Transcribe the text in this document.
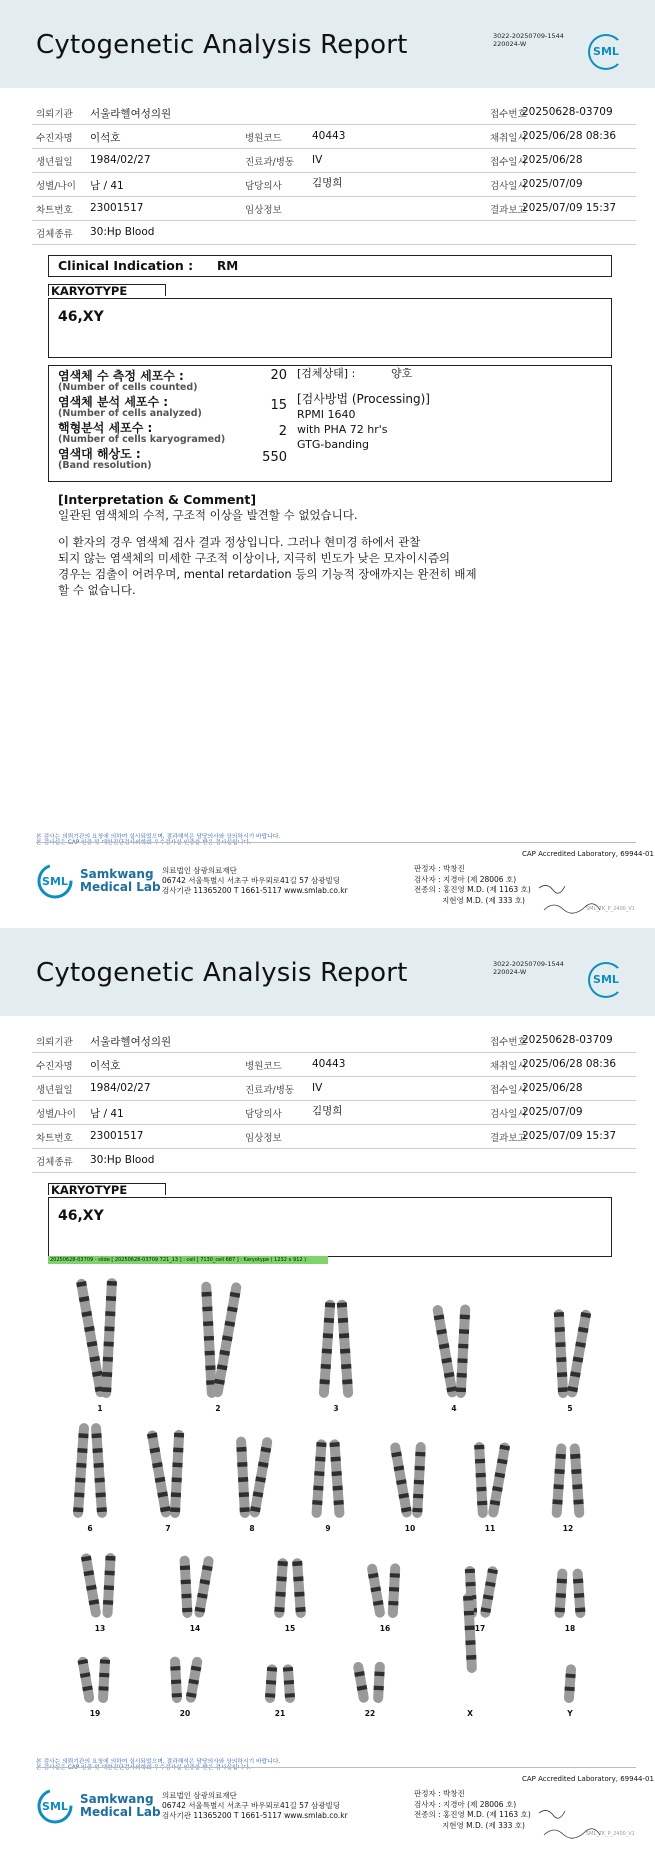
Cytogenetic Analysis Report	3022-20250709-1544
220024-W
SML
의뢰기관 서울라헬여성의원	접수번호
20250628-03709
수진자명 이석호	병원코드	40443	채취일시
2025/06/28 08:36
생년월일 1984/02/27	진료과/병동 IV	접수일시
2025/06/28
성별/나이 남 / 41	담당의사	김명희	검사일시
2025/07/09
차트번호 23001517	임상정보	결과보고
2025/07/09 15:37
검체종류 30:Hp Blood
Clinical Indication : RM
KARYOTYPE
46,XY
염색체 수 측정 세포수 :
(Number of cells counted)
20
염색체 분석 세포수 :
(Number of cells analyzed)
15
핵형분석 세포수 :
(Number of cells karyogramed)
2
염색대 해상도 :
(Band resolution)
550
[검체상태] :	양호
[검사방법 (Processing)]
RPMI 1640
with PHA 72 hr's
GTG-banding
[Interpretation & Comment]
일관된 염색체의 수적, 구조적 이상을 발견할 수 없었습니다.
이 환자의 경우 염색체 검사 결과 정상입니다. 그러나 현미경 하에서 관찰
되지 않는 염색체의 미세한 구조적 이상이나, 지극히 빈도가 낮은 모자이시즘의
경우는 검출이 어려우며, mental retardation 등의 기능적 장애까지는 완전히 배제
할 수 없습니다.
본 검사는 의뢰기관의 요청에 의하여 실시되었으며, 결과해석은 담당의사와 상의하시기 바랍니다.
본 검사실은 CAP 인증 및 대한진단검사의학회 우수검사실 인증을 받은 검사실입니다.
CAP Accredited Laboratory, 69944-01
SML
Samkwang
Medical Lab
의료법인 삼광의료재단
06742 서울특별시 서초구 바우뫼로41길 57 삼광빌딩
검사기관 11365200 T 1661-5117 www.smlab.co.kr
판정자 : 박창진
검사자 : 지경아 (제 28006 호)
전종의 : 홍진영 M.D. (제 1163 호)
지현영 M.D. (제 333 호)
SML_TK_P_2400_V1
Cytogenetic Analysis Report	3022-20250709-1544
220024-W
SML
의뢰기관 서울라헬여성의원	접수번호
20250628-03709
수진자명 이석호	병원코드	40443	채취일시
2025/06/28 08:36
생년월일 1984/02/27	진료과/병동 IV	접수일시
2025/06/28
성별/나이 남 / 41	담당의사	김명희	검사일시
2025/07/09
차트번호 23001517	임상정보	결과보고
2025/07/09 15:37
검체종류 30:Hp Blood
KARYOTYPE
46,XY
본 검사는 의뢰기관의 요청에 의하여 실시되었으며, 결과해석은 담당의사와 상의하시기 바랍니다.
본 검사실은 CAP 인증 및 대한진단검사의학회 우수검사실 인증을 받은 검사실입니다.
CAP Accredited Laboratory, 69944-01
SML
Samkwang
Medical Lab
의료법인 삼광의료재단
06742 서울특별시 서초구 바우뫼로41길 57 삼광빌딩
검사기관 11365200 T 1661-5117 www.smlab.co.kr
판정자 : 박창진
검사자 : 지경아 (제 28006 호)
전종의 : 홍진영 M.D. (제 1163 호)
지현영 M.D. (제 333 호)
SML_TK_P_2400_V1
20250628-03709 - slide [ 20250628-03709 721_13 ] : cell [ 7130_cell 687 ] : Karyotype ( 1232 x 912 )
1	2	3	4	5
6	7	8	9	10	11	12
13	14	15	16	17	18
19	20	21	22	X	Y
